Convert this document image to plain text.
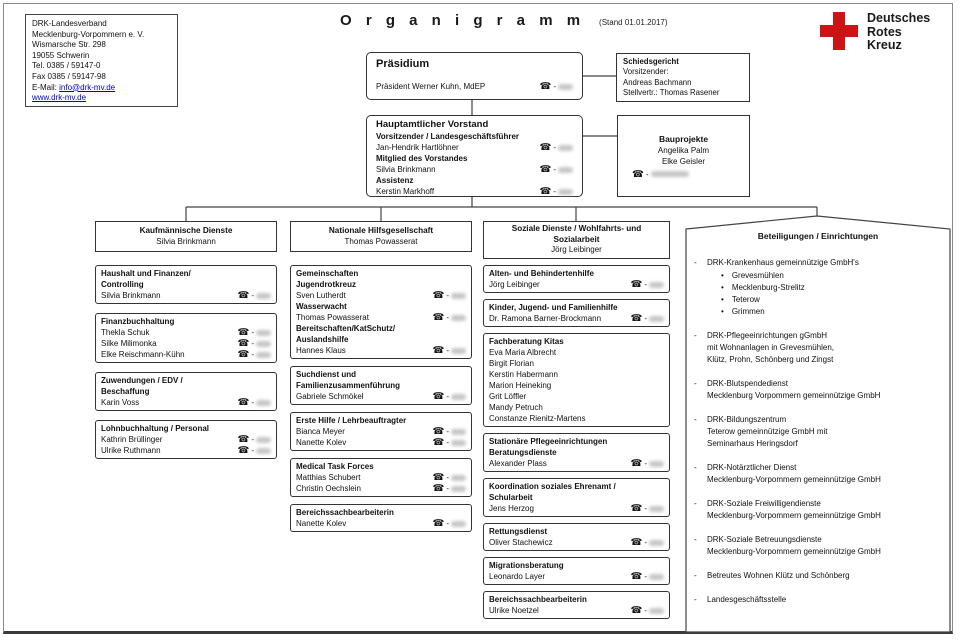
DRK-Landesverband
Mecklenburg-Vorpommern e. V.
Wismarsche Str. 298
19055 Schwerin
Tel. 0385 / 59147-0
Fax 0385 / 59147-98
E-Mail: info@drk-mv.de
www.drk-mv.de
O r g a n i g r a m m (Stand 01.01.2017)	Deutsches
Rotes
Kreuz
Präsidium
Präsident Werner Kuhn, MdEP	☎ -
Schiedsgericht
Vorsitzender:
Andreas Bachmann
Stellvertr.: Thomas Rasener
Hauptamtlicher Vorstand
Vorsitzender / Landesgeschäftsführer
Jan-Hendrik Hartlöhner	☎ -
Mitglied des Vorstandes
Silvia Brinkmann	☎ -
Assistenz
Kerstin Markhoff	☎ -
Bauprojekte
Angelika Palm
Elke Geisler
☎ -
Kaufmännische Dienste
Silvia Brinkmann
Nationale Hilfsgesellschaft
Thomas Powasserat
Soziale Dienste / Wohlfahrts- und Sozialarbeit
Jörg Leibinger
Haushalt und Finanzen/
Controlling
Silvia Brinkmann	☎ -
Finanzbuchhaltung
Thekla Schuk	☎ -
Silke Milimonka	☎ -
Elke Reischmann-Kühn	☎ -
Zuwendungen / EDV /
Beschaffung
Karin Voss	☎ -
Lohnbuchhaltung / Personal
Kathrin Brüllinger	☎ -
Ulrike Ruthmann	☎ -
Gemeinschaften
Jugendrotkreuz
Sven Lutherdt	☎ -
Wasserwacht
Thomas Powasserat	☎ -
Bereitschaften/KatSchutz/
Auslandshilfe
Hannes Klaus	☎ -
Suchdienst und
Familienzusammenführung
Gabriele Schmökel	☎ -
Erste Hilfe / Lehrbeauftragter
Bianca Meyer	☎ -
Nanette Kolev	☎ -
Medical Task Forces
Matthias Schubert	☎ -
Christin Oechslein	☎ -
Bereichssachbearbeiterin
Nanette Kolev	☎ -
Alten- und Behindertenhilfe
Jörg Leibinger	☎ -
Kinder, Jugend- und Familienhilfe
Dr. Ramona Barner-Brockmann	☎ -
Fachberatung Kitas
Eva Maria Albrecht
Birgit Florian
Kerstin Habermann
Marion Heineking
Grit Löffler
Mandy Petruch
Constanze Rienitz-Martens
Stationäre Pflegeeinrichtungen
Beratungsdienste
Alexander Plass	☎ -
Koordination soziales Ehrenamt /
Schularbeit
Jens Herzog	☎ -
Rettungsdienst
Oliver Stachewicz	☎ -
Migrationsberatung
Leonardo Layer	☎ -
Bereichssachbearbeiterin
Ulrike Noetzel	☎ -
Beteiligungen / Einrichtungen
-	DRK-Krankenhaus gemeinnützige GmbH's
• Grevesmühlen
• Mecklenburg-Strelitz
• Teterow
• Grimmen
-	DRK-Pflegeeinrichtungen gGmbH
mit Wohnanlagen in Grevesmühlen,
Klütz, Prohn, Schönberg und Zingst
-	DRK-Blutspendedienst
Mecklenburg Vorpommern gemeinnützige GmbH
-	DRK-Bildungszentrum
Teterow gemeinnützige GmbH mit
Seminarhaus Heringsdorf
-	DRK-Notärztlicher Dienst
Mecklenburg-Vorpommern gemeinnützige GmbH
-	DRK-Soziale Freiwilligendienste
Mecklenburg-Vorpommern gemeinnützige GmbH
-	DRK-Soziale Betreuungsdienste
Mecklenburg-Vorpommern gemeinnützige GmbH
-	Betreutes Wohnen Klütz und Schönberg
-	Landesgeschäftsstelle
